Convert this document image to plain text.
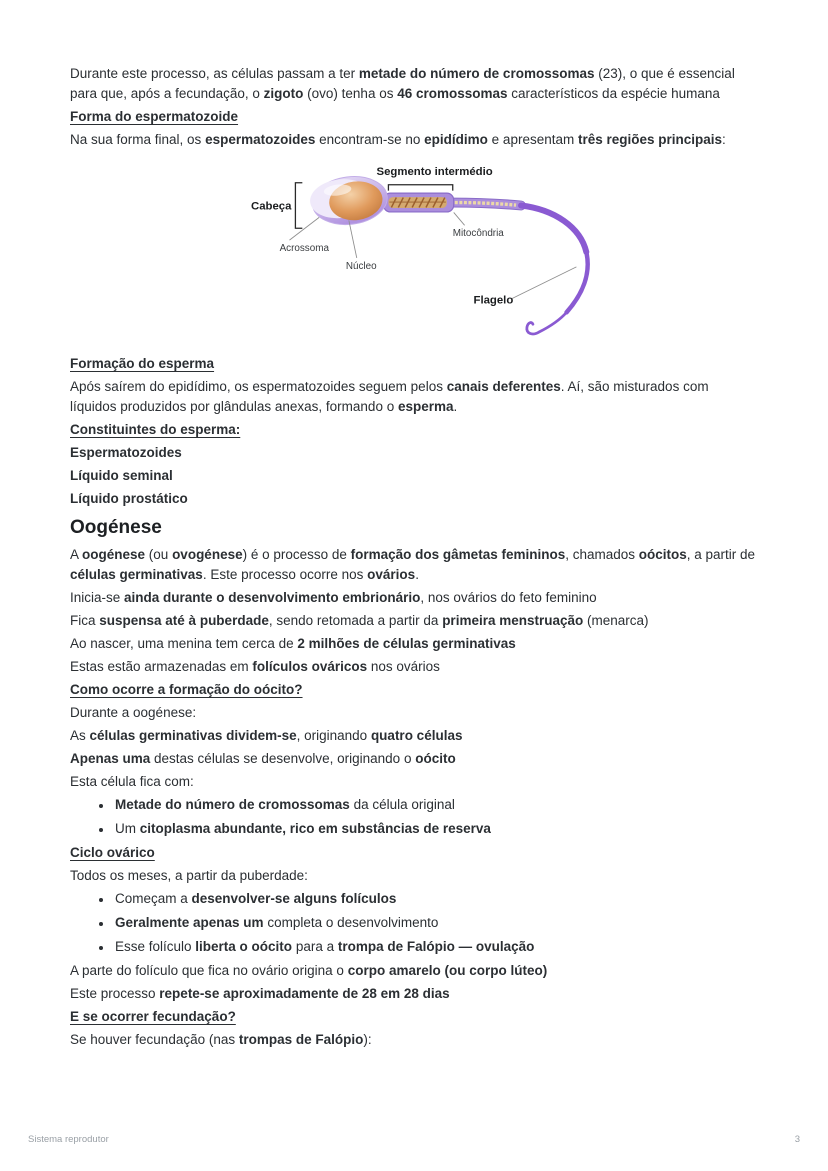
Durante este processo, as células passam a ter metade do número de cromossomas (23), o que é essencial para que, após a fecundação, o zigoto (ovo) tenha os 46 cromossomas característicos da espécie humana

Forma do espermatozoide

Na sua forma final, os espermatozoides encontram-se no epidídimo e apresentam três regiões principais:

Segmento intermédio
Cabeça
Acrossoma
Núcleo
Mitocôndria
Flagelo
Formação do esperma

Após saírem do epidídimo, os espermatozoides seguem pelos canais deferentes. Aí, são misturados com líquidos produzidos por glândulas anexas, formando o esperma.

Constituintes do esperma:

Espermatozoides

Líquido seminal

Líquido prostático

Oogénese

A oogénese (ou ovogénese) é o processo de formação dos gâmetas femininos, chamados oócitos, a partir de células germinativas. Este processo ocorre nos ovários.

Inicia-se ainda durante o desenvolvimento embrionário, nos ovários do feto feminino

Fica suspensa até à puberdade, sendo retomada a partir da primeira menstruação (menarca)

Ao nascer, uma menina tem cerca de 2 milhões de células germinativas

Estas estão armazenadas em folículos ováricos nos ovários

Como ocorre a formação do oócito?

Durante a oogénese:

As células germinativas dividem-se, originando quatro células

Apenas uma destas células se desenvolve, originando o oócito

Esta célula fica com:

• Metade do número de cromossomas da célula original
• Um citoplasma abundante, rico em substâncias de reserva
Ciclo ovárico

Todos os meses, a partir da puberdade:

• Começam a desenvolver-se alguns folículos
• Geralmente apenas um completa o desenvolvimento
• Esse folículo liberta o oócito para a trompa de Falópio — ovulação

A parte do folículo que fica no ovário origina o corpo amarelo (ou corpo lúteo)

Este processo repete-se aproximadamente de 28 em 28 dias

E se ocorrer fecundação?

Se houver fecundação (nas trompas de Falópio):

Sistema reprodutor	3
